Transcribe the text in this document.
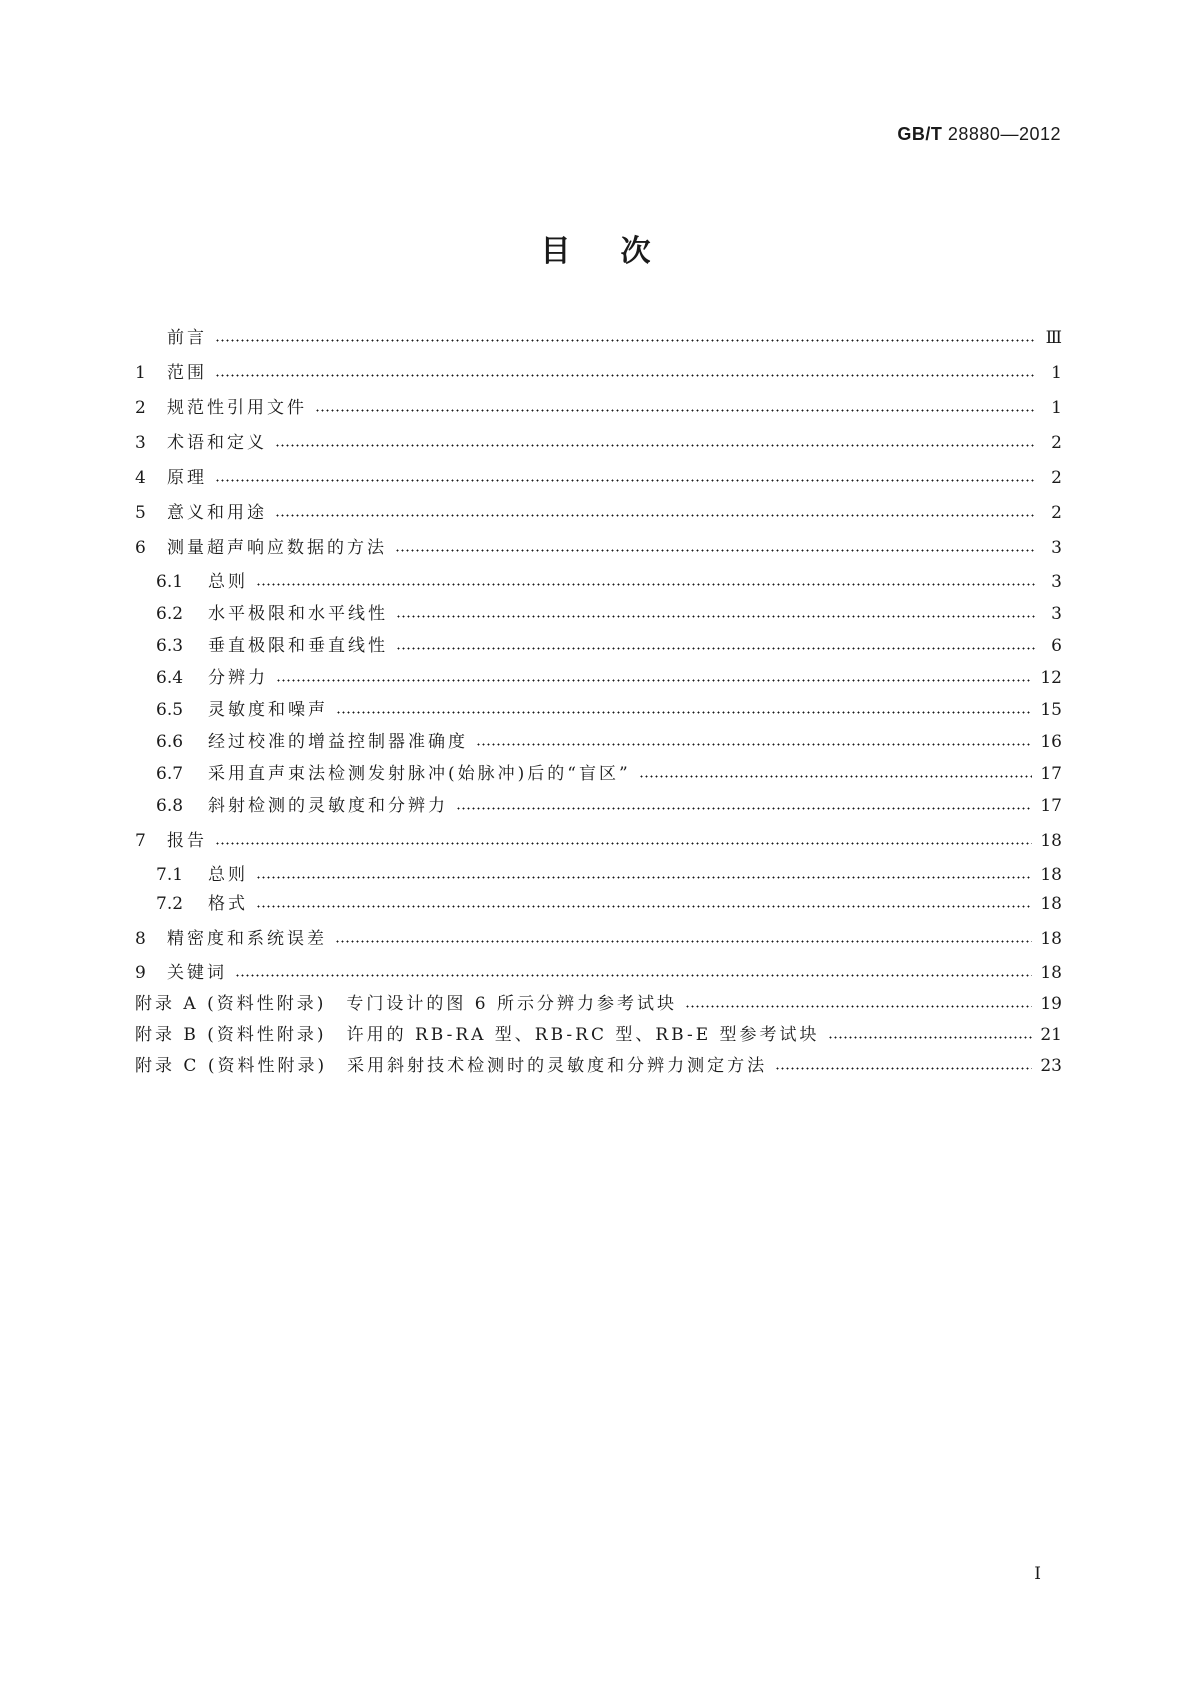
GB/T 28880—2012
目次
前言	Ⅲ
1	范围	1
2	规范性引用文件	1
3	术语和定义	2
4	原理	2
5	意义和用途	2
6	测量超声响应数据的方法	3
6.1	总则	3
6.2	水平极限和水平线性	3
6.3	垂直极限和垂直线性	6
6.4	分辨力	12
6.5	灵敏度和噪声	15
6.6	经过校准的增益控制器准确度	16
6.7	采用直声束法检测发射脉冲(始脉冲)后的“盲区”	17
6.8	斜射检测的灵敏度和分辨力	17
7	报告	18
7.1	总则	18
7.2	格式	18
8	精密度和系统误差	18
9	关键词	18
附录 A (资料性附录)　专门设计的图 6 所示分辨力参考试块	19
附录 B (资料性附录)　许用的 RB-RA 型、RB-RC 型、RB-E 型参考试块	21
附录 C (资料性附录)　采用斜射技术检测时的灵敏度和分辨力测定方法	23
I
